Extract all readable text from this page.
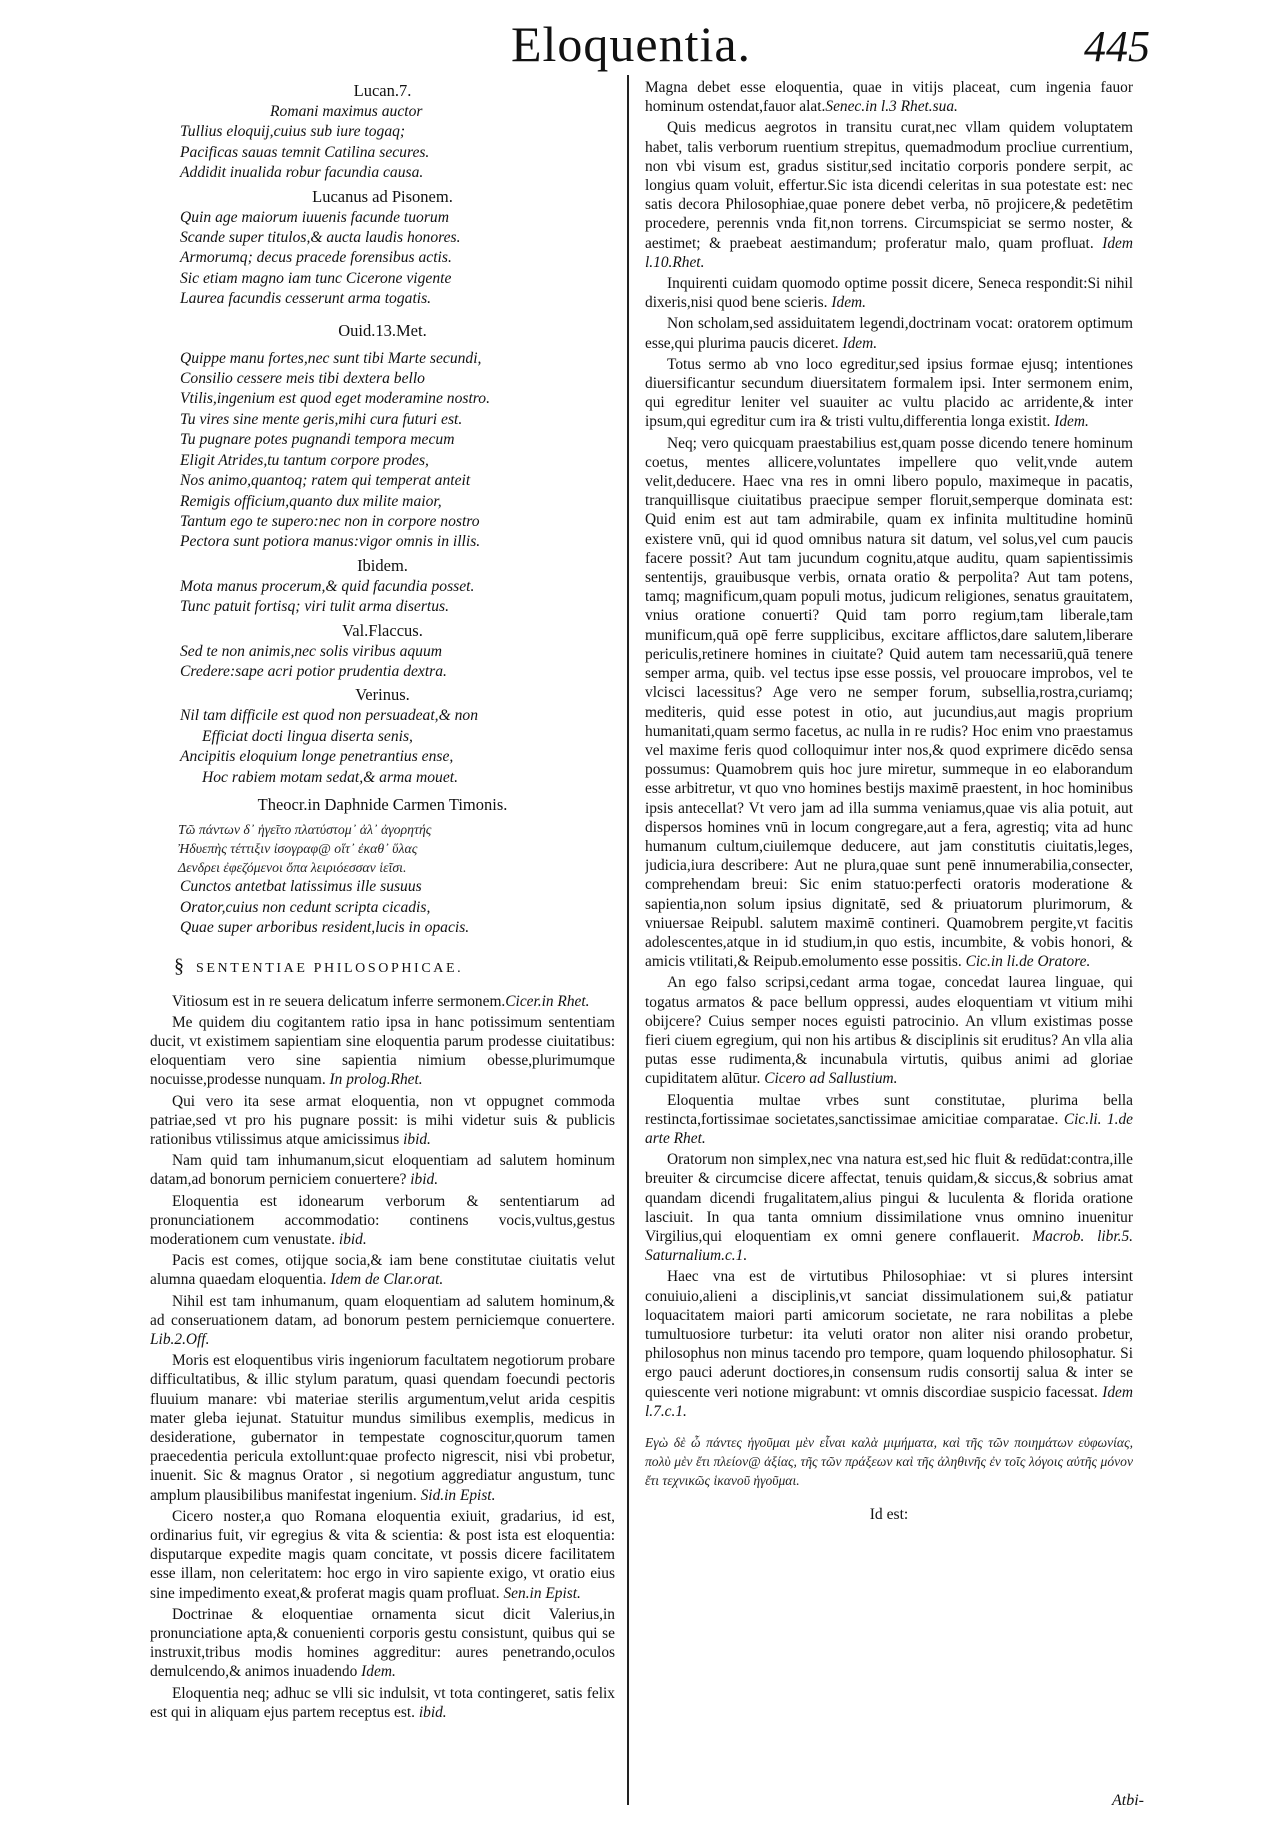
Eloquentia.	445
Lucan.7.

Romani maximus auctor

Tullius eloquij,cuius sub iure togaq;

Pacificas sauas temnit Catilina secures.

Addidit inualida robur facundia causa.

Lucanus ad Pisonem.

Quin age maiorum iuuenis facunde tuorum

Scande super titulos,& aucta laudis honores.

Armorumq; decus pracede forensibus actis.

Sic etiam magno iam tunc Cicerone vigente

Laurea facundis cesserunt arma togatis.

Ouid.13.Met.

Quippe manu fortes,nec sunt tibi Marte secundi,

Consilio cessere meis tibi dextera bello

Vtilis,ingenium est quod eget moderamine nostro.

Tu vires sine mente geris,mihi cura futuri est.

Tu pugnare potes pugnandi tempora mecum

Eligit Atrides,tu tantum corpore prodes,

Nos animo,quantoq; ratem qui temperat anteit

Remigis officium,quanto dux milite maior,

Tantum ego te supero:nec non in corpore nostro

Pectora sunt potiora manus:vigor omnis in illis.

Ibidem.

Mota manus procerum,& quid facundia posset.

Tunc patuit fortisq; viri tulit arma disertus.

Val.Flaccus.

Sed te non animis,nec solis viribus aquum

Credere:sape acri potior prudentia dextra.

Verinus.

Nil tam difficile est quod non persuadeat,& non

Efficiat docti lingua diserta senis,

Ancipitis eloquium longe penetrantius ense,

Hoc rabiem motam sedat,& arma mouet.

Theocr.in Daphnide Carmen Timonis.

Τῶ πάντων δ᾽ ἡγεῖτο πλατύστομ᾽ ἀλ᾽ ἀγορητής

Ἠδυεπὴς τέττιξιν ἰσογραφ@ οἵτ᾽ ἐκαθ᾽ ὕλας

Δενδρει ἐφεζόμενοι ὄπα λειριόεσσαν ἱεῖσι.

Cunctos antetbat latissimus ille susuus

Orator,cuius non cedunt scripta cicadis,

Quae super arboribus resident,lucis in opacis.

§ SENTENTIAE PHILOSOPHICAE.

Vitiosum est in re seuera delicatum inferre sermonem.Cicer.in Rhet.

Me quidem diu cogitantem ratio ipsa in hanc potissimum sententiam ducit, vt existimem sapientiam sine eloquentia parum prodesse ciuitatibus: eloquentiam vero sine sapientia nimium obesse,plurimumque nocuisse,prodesse nunquam. In prolog.Rhet.

Qui vero ita sese armat eloquentia, non vt oppugnet commoda patriae,sed vt pro his pugnare possit: is mihi videtur suis & publicis rationibus vtilissimus atque amicissimus ibid.

Nam quid tam inhumanum,sicut eloquentiam ad salutem hominum datam,ad bonorum perniciem conuertere? ibid.

Eloquentia est idonearum verborum & sententiarum ad pronunciationem accommodatio: continens vocis,vultus,gestus moderationem cum venustate. ibid.

Pacis est comes, otijque socia,& iam bene constitutae ciuitatis velut alumna quaedam eloquentia. Idem de Clar.orat.

Nihil est tam inhumanum, quam eloquentiam ad salutem hominum,& ad conseruationem datam, ad bonorum pestem perniciemque conuertere. Lib.2.Off.

Moris est eloquentibus viris ingeniorum facultatem negotiorum probare difficultatibus, & illic stylum paratum, quasi quendam foecundi pectoris fluuium manare: vbi materiae sterilis argumentum,velut arida cespitis mater gleba iejunat. Statuitur mundus similibus exemplis, medicus in desideratione, gubernator in tempestate cognoscitur,quorum tamen praecedentia pericula extollunt:quae profecto nigrescit, nisi vbi probetur, inuenit. Sic & magnus Orator , si negotium aggrediatur angustum, tunc amplum plausibilibus manifestat ingenium. Sid.in Epist.

Cicero noster,a quo Romana eloquentia exiuit, gradarius, id est, ordinarius fuit, vir egregius & vita & scientia: & post ista est eloquentia: disputarque expedite magis quam concitate, vt possis dicere facilitatem esse illam, non celeritatem: hoc ergo in viro sapiente exigo, vt oratio eius sine impedimento exeat,& proferat magis quam profluat. Sen.in Epist.

Doctrinae & eloquentiae ornamenta sicut dicit Valerius,in pronunciatione apta,& conuenienti corporis gestu consistunt, quibus qui se instruxit,tribus modis homines aggreditur: aures penetrando,oculos demulcendo,& animos inuadendo Idem.

Eloquentia neq; adhuc se vlli sic indulsit, vt tota contingeret, satis felix est qui in aliquam ejus partem receptus est. ibid.

Magna debet esse eloquentia, quae in vitijs placeat, cum ingenia fauor hominum ostendat,fauor alat.Senec.in l.3 Rhet.sua.

Quis medicus aegrotos in transitu curat,nec vllam quidem voluptatem habet, talis verborum ruentium strepitus, quemadmodum procliue currentium, non vbi visum est, gradus sistitur,sed incitatio corporis pondere serpit, ac longius quam voluit, effertur.Sic ista dicendi celeritas in sua potestate est: nec satis decora Philosophiae,quae ponere debet verba, nō projicere,& pedetētim procedere, perennis vnda fit,non torrens. Circumspiciat se sermo noster, & aestimet; & praebeat aestimandum; proferatur malo, quam profluat. Idem l.10.Rhet.

Inquirenti cuidam quomodo optime possit dicere, Seneca respondit:Si nihil dixeris,nisi quod bene scieris. Idem.

Non scholam,sed assiduitatem legendi,doctrinam vocat: oratorem optimum esse,qui plurima paucis diceret. Idem.

Totus sermo ab vno loco egreditur,sed ipsius formae ejusq; intentiones diuersificantur secundum diuersitatem formalem ipsi. Inter sermonem enim, qui egreditur leniter vel suauiter ac vultu placido ac arridente,& inter ipsum,qui egreditur cum ira & tristi vultu,differentia longa existit. Idem.

Neq; vero quicquam praestabilius est,quam posse dicendo tenere hominum coetus, mentes allicere,voluntates impellere quo velit,vnde autem velit,deducere. Haec vna res in omni libero populo, maximeque in pacatis, tranquillisque ciuitatibus praecipue semper floruit,semperque dominata est: Quid enim est aut tam admirabile, quam ex infinita multitudine hominū existere vnū, qui id quod omnibus natura sit datum, vel solus,vel cum paucis facere possit? Aut tam jucundum cognitu,atque auditu, quam sapientissimis sententijs, grauibusque verbis, ornata oratio & perpolita? Aut tam potens, tamq; magnificum,quam populi motus, judicum religiones, senatus grauitatem, vnius oratione conuerti? Quid tam porro regium,tam liberale,tam munificum,quā opē ferre supplicibus, excitare afflictos,dare salutem,liberare periculis,retinere homines in ciuitate? Quid autem tam necessariū,quā tenere semper arma, quib. vel tectus ipse esse possis, vel prouocare improbos, vel te vlcisci lacessitus? Age vero ne semper forum, subsellia,rostra,curiamq; mediteris, quid esse potest in otio, aut jucundius,aut magis proprium humanitati,quam sermo facetus, ac nulla in re rudis? Hoc enim vno praestamus vel maxime feris quod colloquimur inter nos,& quod exprimere dicēdo sensa possumus: Quamobrem quis hoc jure miretur, summeque in eo elaborandum esse arbitretur, vt quo vno homines bestijs maximē praestent, in hoc hominibus ipsis antecellat? Vt vero jam ad illa summa veniamus,quae vis alia potuit, aut dispersos homines vnū in locum congregare,aut a fera, agrestiq; vita ad hunc humanum cultum,ciuilemque deducere, aut jam constitutis ciuitatis,leges, judicia,iura describere: Aut ne plura,quae sunt penē innumerabilia,consecter, comprehendam breui: Sic enim statuo:perfecti oratoris moderatione & sapientia,non solum ipsius dignitatē, sed & priuatorum plurimorum, & vniuersae Reipubl. salutem maximē contineri. Quamobrem pergite,vt facitis adolescentes,atque in id studium,in quo estis, incumbite, & vobis honori, & amicis vtilitati,& Reipub.emolumento esse possitis. Cic.in li.de Oratore.

An ego falso scripsi,cedant arma togae, concedat laurea linguae, qui togatus armatos & pace bellum oppressi, audes eloquentiam vt vitium mihi obijcere? Cuius semper noces eguisti patrocinio. An vllum existimas posse fieri ciuem egregium, qui non his artibus & disciplinis sit eruditus? An vlla alia putas esse rudimenta,& incunabula virtutis, quibus animi ad gloriae cupiditatem alūtur. Cicero ad Sallustium.

Eloquentia multae vrbes sunt constitutae, plurima bella restincta,fortissimae societates,sanctissimae amicitiae comparatae. Cic.li. 1.de arte Rhet.

Oratorum non simplex,nec vna natura est,sed hic fluit & redūdat:contra,ille breuiter & circumcise dicere affectat, tenuis quidam,& siccus,& sobrius amat quandam dicendi frugalitatem,alius pingui & luculenta & florida oratione lasciuit. In qua tanta omnium dissimilatione vnus omnino inuenitur Virgilius,qui eloquentiam ex omni genere conflauerit. Macrob. libr.5. Saturnalium.c.1.

Haec vna est de virtutibus Philosophiae: vt si plures intersint conuiuio,alieni a disciplinis,vt sanciat dissimulationem sui,& patiatur loquacitatem maiori parti amicorum societate, ne rara nobilitas a plebe tumultuosiore turbetur: ita veluti orator non aliter nisi orando probetur, philosophus non minus tacendo pro tempore, quam loquendo philosophatur. Si ergo pauci aderunt doctiores,in consensum rudis consortij salua & inter se quiescente veri notione migrabunt: vt omnis discordiae suspicio facessat. Idem l.7.c.1.

Εγὼ δὲ ὦ πάντες ἡγοῦμαι μὲν εἶναι καλὰ μιμήματα, καὶ τῆς τῶν ποιημάτων εὐφωνίας, πολὺ μὲν ἔτι πλείον@ ἀξίας, τῆς τῶν πράξεων καὶ τῆς ἀληθινῆς ἐν τοῖς λόγοις αὐτῆς μόνον ἔτι τεχνικῶς ἱκανοῦ ἡγοῦμαι.

Id est:

Atbi-
